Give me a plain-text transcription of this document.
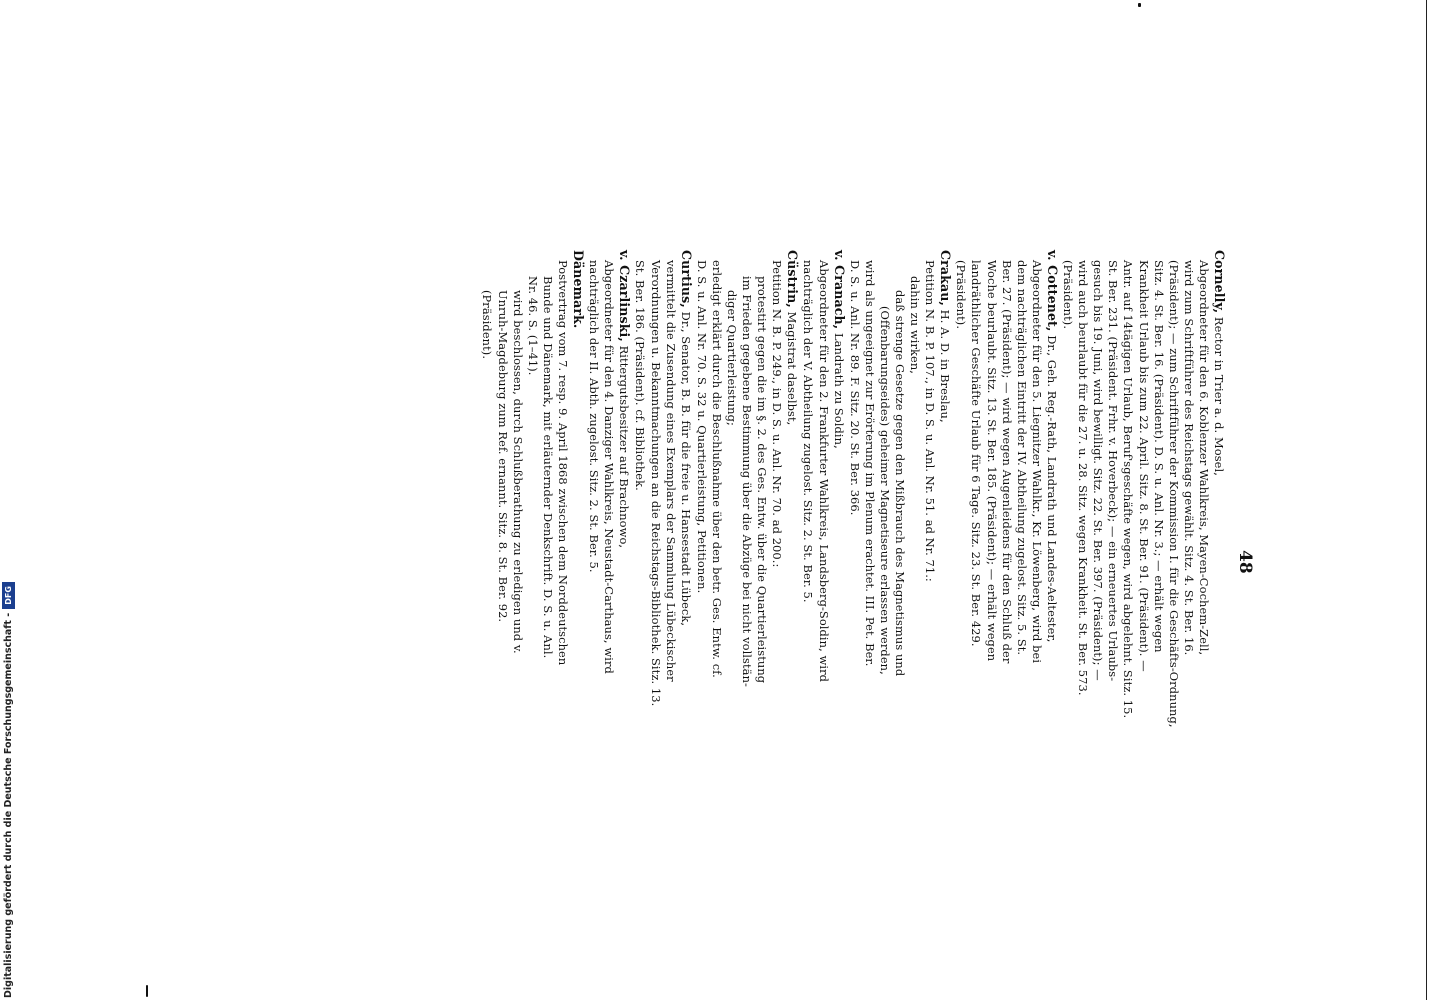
48
Cornelly, Rector in Trier a. d. Mosel,
Abgeordneter für den 6. Koblenzer Wahlkreis, Mayen-Cochem-Zell,
wird zum Schriftführer des Reichstags gewählt. Sitz. 4. St. Ber. 16.
(Präsident); — zum Schriftführer der Kommission I. für die Geschäfts-Ordnung,
Sitz. 4. St. Ber. 16. (Präsident). D. S. u. Anl. Nr. 3.; — erhält wegen
Krankheit Urlaub bis zum 22. April. Sitz. 8. St. Ber. 91. (Präsident). —
Antr. auf 14tägigen Urlaub, Beruf'sgeschäfte wegen, wird abgelehnt. Sitz. 15.
St. Ber. 231. (Präsident. Frhr. v. Hoverbeck); — ein erneuertes Urlaubs-
gesuch bis 19. Juni, wird bewilligt. Sitz. 22. St. Ber. 397. (Präsident); —
wird auch beurlaubt für die 27. u. 28. Sitz. wegen Krankheit. St. Ber. 573.
(Präsident).
v. Cottenet, Dr., Geh. Reg.-Rath, Landrath und Landes-Aeltester,
Abgeordneter für den 5. Liegnitzer Wahlkr., Kr. Löwenberg, wird bei
dem nachträglichen Eintritt der IV. Abtheilung zugelost. Sitz. 5. St.
Ber. 27. (Präsident); — wird wegen Augenleidens für den Schluß der
Woche beurlaubt. Sitz. 13. St. Ber. 185. (Präsident); — erhält wegen
landräthlicher Geschäfte Urlaub für 6 Tage. Sitz. 23. St. Ber. 429.
(Präsident).
Crakau, H. A. D. in Breslau,
Petition N. B. P. 107., in D. S. u. Anl. Nr. 51. ad Nr. 71.:
dahin zu wirken,
daß strenge Gesetze gegen den Mißbrauch des Magnetismus und
(Offenbarungseides) geheimer Magnetiseure erlassen werden,
wird als ungeeignet zur Erörterung im Plenum erachtet. III. Pet. Ber.
D. S. u. Anl. Nr. 89. F. Sitz. 20. St. Ber. 366.
v. Cranach, Landrath zu Soldin,
Abgeordneter für den 2. Frankfurter Wahlkreis, Landsberg-Soldin, wird
nachträglich der V. Abtheilung zugelost. Sitz. 2. St. Ber. 5.
Cüstrin, Magistrat daselbst,
Petition N. B. P. 249., in D. S. u. Anl. Nr. 70. ad 200.:
protestirt gegen die im §. 2. des Ges. Entw. über die Quartierleistung
im Frieden gegebene Bestimmung über die Abzüge bei nicht vollstän-
diger Quartierleistung;
erledigt erklärt durch die Beschlußnahme über den betr. Ges. Entw. cf.
D. S. u. Anl. Nr. 70. S. 32 u. Quartierleistung, Petitionen.
Curtius, Dr., Senator, B. B. für die freie u. Hansestadt Lübeck,
vermittelt die Zusendung eines Exemplars der Sammlung Lübeckischer
Verordnungen u. Bekanntmachungen an die Reichstags-Bibliothek. Sitz. 13.
St. Ber. 186. (Präsident). cf. Bibliothek.
v. Czarlinski, Rittergutsbesitzer auf Brachnowo,
Abgeordneter für den 4. Danziger Wahlkreis, Neustadt-Carthaus, wird
nachträglich der II. Abth. zugelost. Sitz. 2. St. Ber. 5.
Dänemark.
Postvertrag vom 7. resp. 9. April 1868 zwischen dem Norddeutschen
Bunde und Dänemark, mit erläuternder Denkschrift. D. S. u. Anl.
Nr. 46. S. (1–41).
wird beschlossen, durch Schlußberathung zu erledigen und v.
Unruh-Magdeburg zum Ref. ernannt. Sitz. 8. St. Ber. 92.
(Präsident).
Digitalisierung gefördert durch die Deutsche Forschungsgemeinschaft -
DFG
